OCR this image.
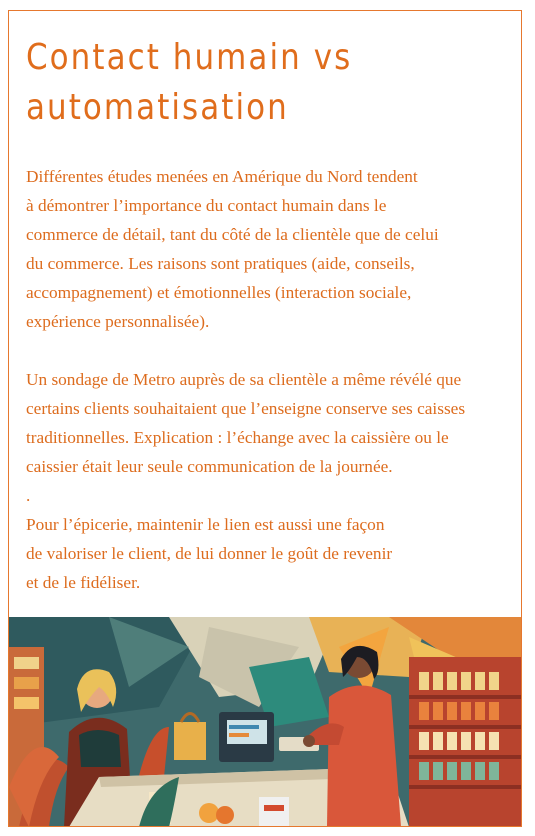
Contact humain vs
automatisation

Différentes études menées en Amérique du Nord tendent
à démontrer l’importance du contact humain dans le
commerce de détail, tant du côté de la clientèle que de celui
du commerce. Les raisons sont pratiques (aide, conseils,
accompagnement) et émotionnelles (interaction sociale,
expérience personnalisée).

Un sondage de Metro auprès de sa clientèle a même révélé que
certains clients souhaitaient que l’enseigne conserve ses caisses
traditionnelles. Explication : l’échange avec la caissière ou le
caissier était leur seule communication de la journée.

.

Pour l’épicerie, maintenir le lien est aussi une façon
de valoriser le client, de lui donner le goût de revenir
et de le fidéliser.
